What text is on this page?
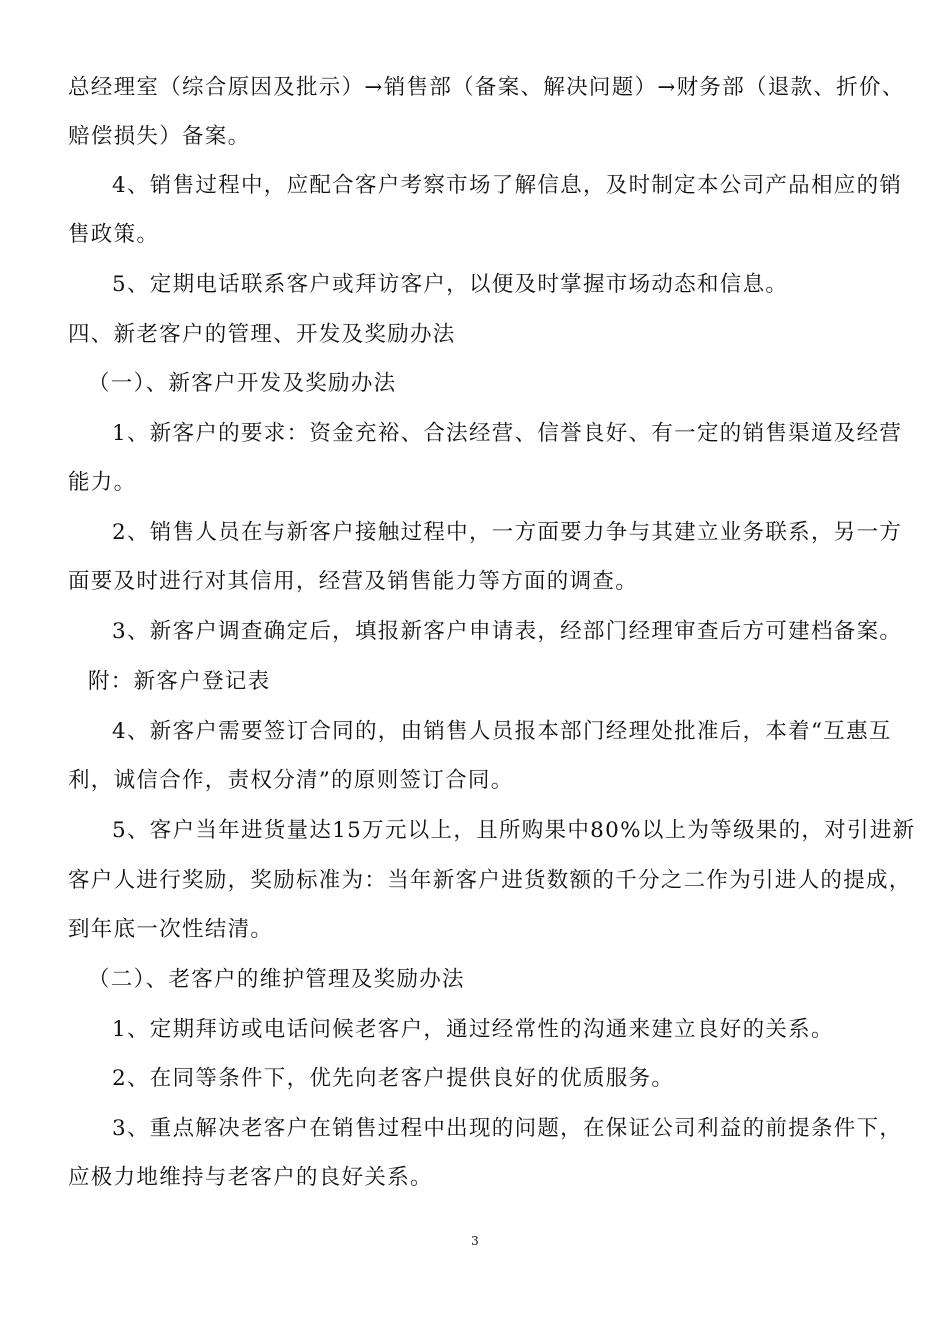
总经理室（综合原因及批示）→销售部（备案、解决问题）→财务部（退款、折价、
赔偿损失）备案。
4、销售过程中，应配合客户考察市场了解信息，及时制定本公司产品相应的销
售政策。
5、定期电话联系客户或拜访客户，以便及时掌握市场动态和信息。
四、新老客户的管理、开发及奖励办法
（一）、新客户开发及奖励办法
1、新客户的要求：资金充裕、合法经营、信誉良好、有一定的销售渠道及经营
能力。
2、销售人员在与新客户接触过程中，一方面要力争与其建立业务联系，另一方
面要及时进行对其信用，经营及销售能力等方面的调查。
3、新客户调查确定后，填报新客户申请表，经部门经理审查后方可建档备案。
附：新客户登记表
4、新客户需要签订合同的，由销售人员报本部门经理处批准后，本着“互惠互
利，诚信合作，责权分清”的原则签订合同。
5、客户当年进货量达15万元以上，且所购果中80%以上为等级果的，对引进新
客户人进行奖励，奖励标准为：当年新客户进货数额的千分之二作为引进人的提成，
到年底一次性结清。
（二）、老客户的维护管理及奖励办法
1、定期拜访或电话问候老客户，通过经常性的沟通来建立良好的关系。
2、在同等条件下，优先向老客户提供良好的优质服务。
3、重点解决老客户在销售过程中出现的问题，在保证公司利益的前提条件下，
应极力地维持与老客户的良好关系。
3
